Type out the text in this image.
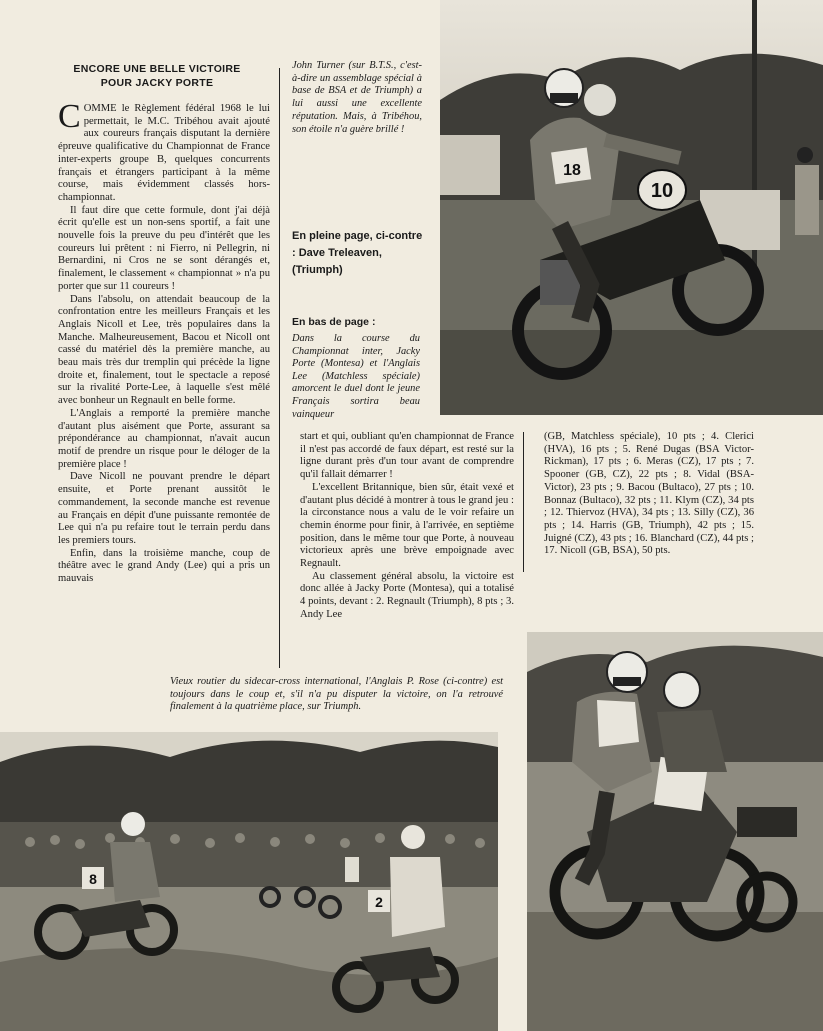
ENCORE UNE BELLE VICTOIRE
POUR JACKY PORTE

COMME le Règlement fédéral 1968 le lui permettait, le M.C. Tribéhou avait ajouté aux coureurs français disputant la dernière épreuve qualificative du Championnat de France inter-experts groupe B, quelques concurrents français et étrangers participant à la même course, mais évidemment classés hors-championnat.

Il faut dire que cette formule, dont j'ai déjà écrit qu'elle est un non-sens sportif, a fait une nouvelle fois la preuve du peu d'intérêt que les coureurs lui prêtent : ni Fierro, ni Pellegrin, ni Bernardini, ni Cros ne se sont dérangés et, finalement, le classement « championnat » n'a pu porter que sur 11 coureurs !

Dans l'absolu, on attendait beaucoup de la confrontation entre les meilleurs Français et les Anglais Nicoll et Lee, très populaires dans la Manche. Malheureusement, Bacou et Nicoll ont cassé du matériel dès la première manche, au beau mais très dur tremplin qui précède la ligne droite et, finalement, tout le spectacle a reposé sur la rivalité Porte-Lee, à laquelle s'est mêlé avec bonheur un Regnault en belle forme.

L'Anglais a remporté la première manche d'autant plus aisément que Porte, assurant sa prépondérance au championnat, n'avait aucun motif de prendre un risque pour le déloger de la première place !

Dave Nicoll ne pouvant prendre le départ ensuite, et Porte prenant aussitôt le commandement, la seconde manche est revenue au Français en dépit d'une puissante remontée de Lee qui n'a pu refaire tout le terrain perdu dans les premiers tours.

Enfin, dans la troisième manche, coup de théâtre avec le grand Andy (Lee) qui a pris un mauvais

John Turner (sur B.T.S., c'est-à-dire un assemblage spécial à base de BSA et de Triumph) a lui aussi une excellente réputation. Mais, à Tribéhou, son étoile n'a guère brillé !
En pleine page, ci-contre : Dave Treleaven, (Triumph)
En bas de page :
Dans la course du Championnat inter, Jacky Porte (Montesa) et l'Anglais Lee (Matchless spéciale) amorcent le duel dont le jeune Français sortira beau vainqueur

start et qui, oubliant qu'en championnat de France il n'est pas accordé de faux départ, est resté sur la ligne durant près d'un tour avant de comprendre qu'il fallait démarrer !

L'excellent Britannique, bien sûr, était vexé et d'autant plus décidé à montrer à tous le grand jeu : la circonstance nous a valu de le voir refaire un chemin énorme pour finir, à l'arrivée, en septième position, dans le même tour que Porte, à nouveau victorieux après une brève empoignade avec Regnault.

Au classement général absolu, la victoire est donc allée à Jacky Porte (Montesa), qui a totalisé 4 points, devant : 2. Regnault (Triumph), 8 pts ; 3. Andy Lee

(GB, Matchless spéciale), 10 pts ; 4. Clerici (HVA), 16 pts ; 5. René Dugas (BSA Victor-Rickman), 17 pts ; 6. Meras (CZ), 17 pts ; 7. Spooner (GB, CZ), 22 pts ; 8. Vidal (BSA-Victor), 23 pts ; 9. Bacou (Bultaco), 27 pts ; 10. Bonnaz (Bultaco), 32 pts ; 11. Klym (CZ), 34 pts ; 12. Thiervoz (HVA), 34 pts ; 13. Silly (CZ), 36 pts ; 14. Harris (GB, Triumph), 42 pts ; 15. Juigné (CZ), 43 pts ; 16. Blanchard (CZ), 44 pts ; 17. Nicoll (GB, BSA), 50 pts.

Vieux routier du sidecar-cross international, l'Anglais P. Rose (ci-contre) est toujours dans le coup et, s'il n'a pu disputer la victoire, on l'a retrouvé finalement à la quatrième place, sur Triumph.
10
18
8
2
